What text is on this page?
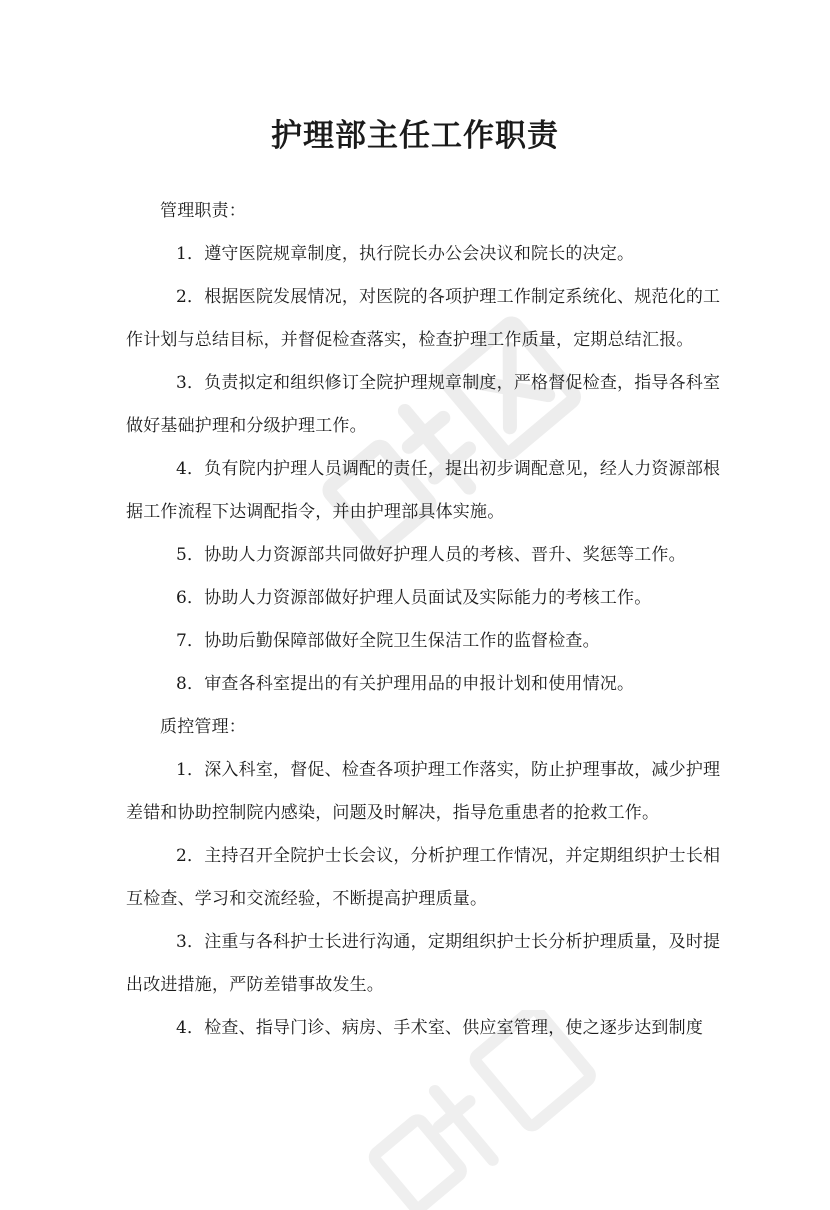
护理部主任工作职责
管理职责：
1．遵守医院规章制度，执行院长办公会决议和院长的决定。
2．根据医院发展情况，对医院的各项护理工作制定系统化、规范化的工
作计划与总结目标，并督促检查落实，检查护理工作质量，定期总结汇报。
3．负责拟定和组织修订全院护理规章制度，严格督促检查，指导各科室
做好基础护理和分级护理工作。
4．负有院内护理人员调配的责任，提出初步调配意见，经人力资源部根
据工作流程下达调配指令，并由护理部具体实施。
5．协助人力资源部共同做好护理人员的考核、晋升、奖惩等工作。
6．协助人力资源部做好护理人员面试及实际能力的考核工作。
7．协助后勤保障部做好全院卫生保洁工作的监督检查。
8．审查各科室提出的有关护理用品的申报计划和使用情况。
质控管理：
1．深入科室，督促、检查各项护理工作落实，防止护理事故，减少护理
差错和协助控制院内感染，问题及时解决，指导危重患者的抢救工作。
2．主持召开全院护士长会议，分析护理工作情况，并定期组织护士长相
互检查、学习和交流经验，不断提高护理质量。
3．注重与各科护士长进行沟通，定期组织护士长分析护理质量，及时提
出改进措施，严防差错事故发生。
4．检查、指导门诊、病房、手术室、供应室管理，使之逐步达到制度
